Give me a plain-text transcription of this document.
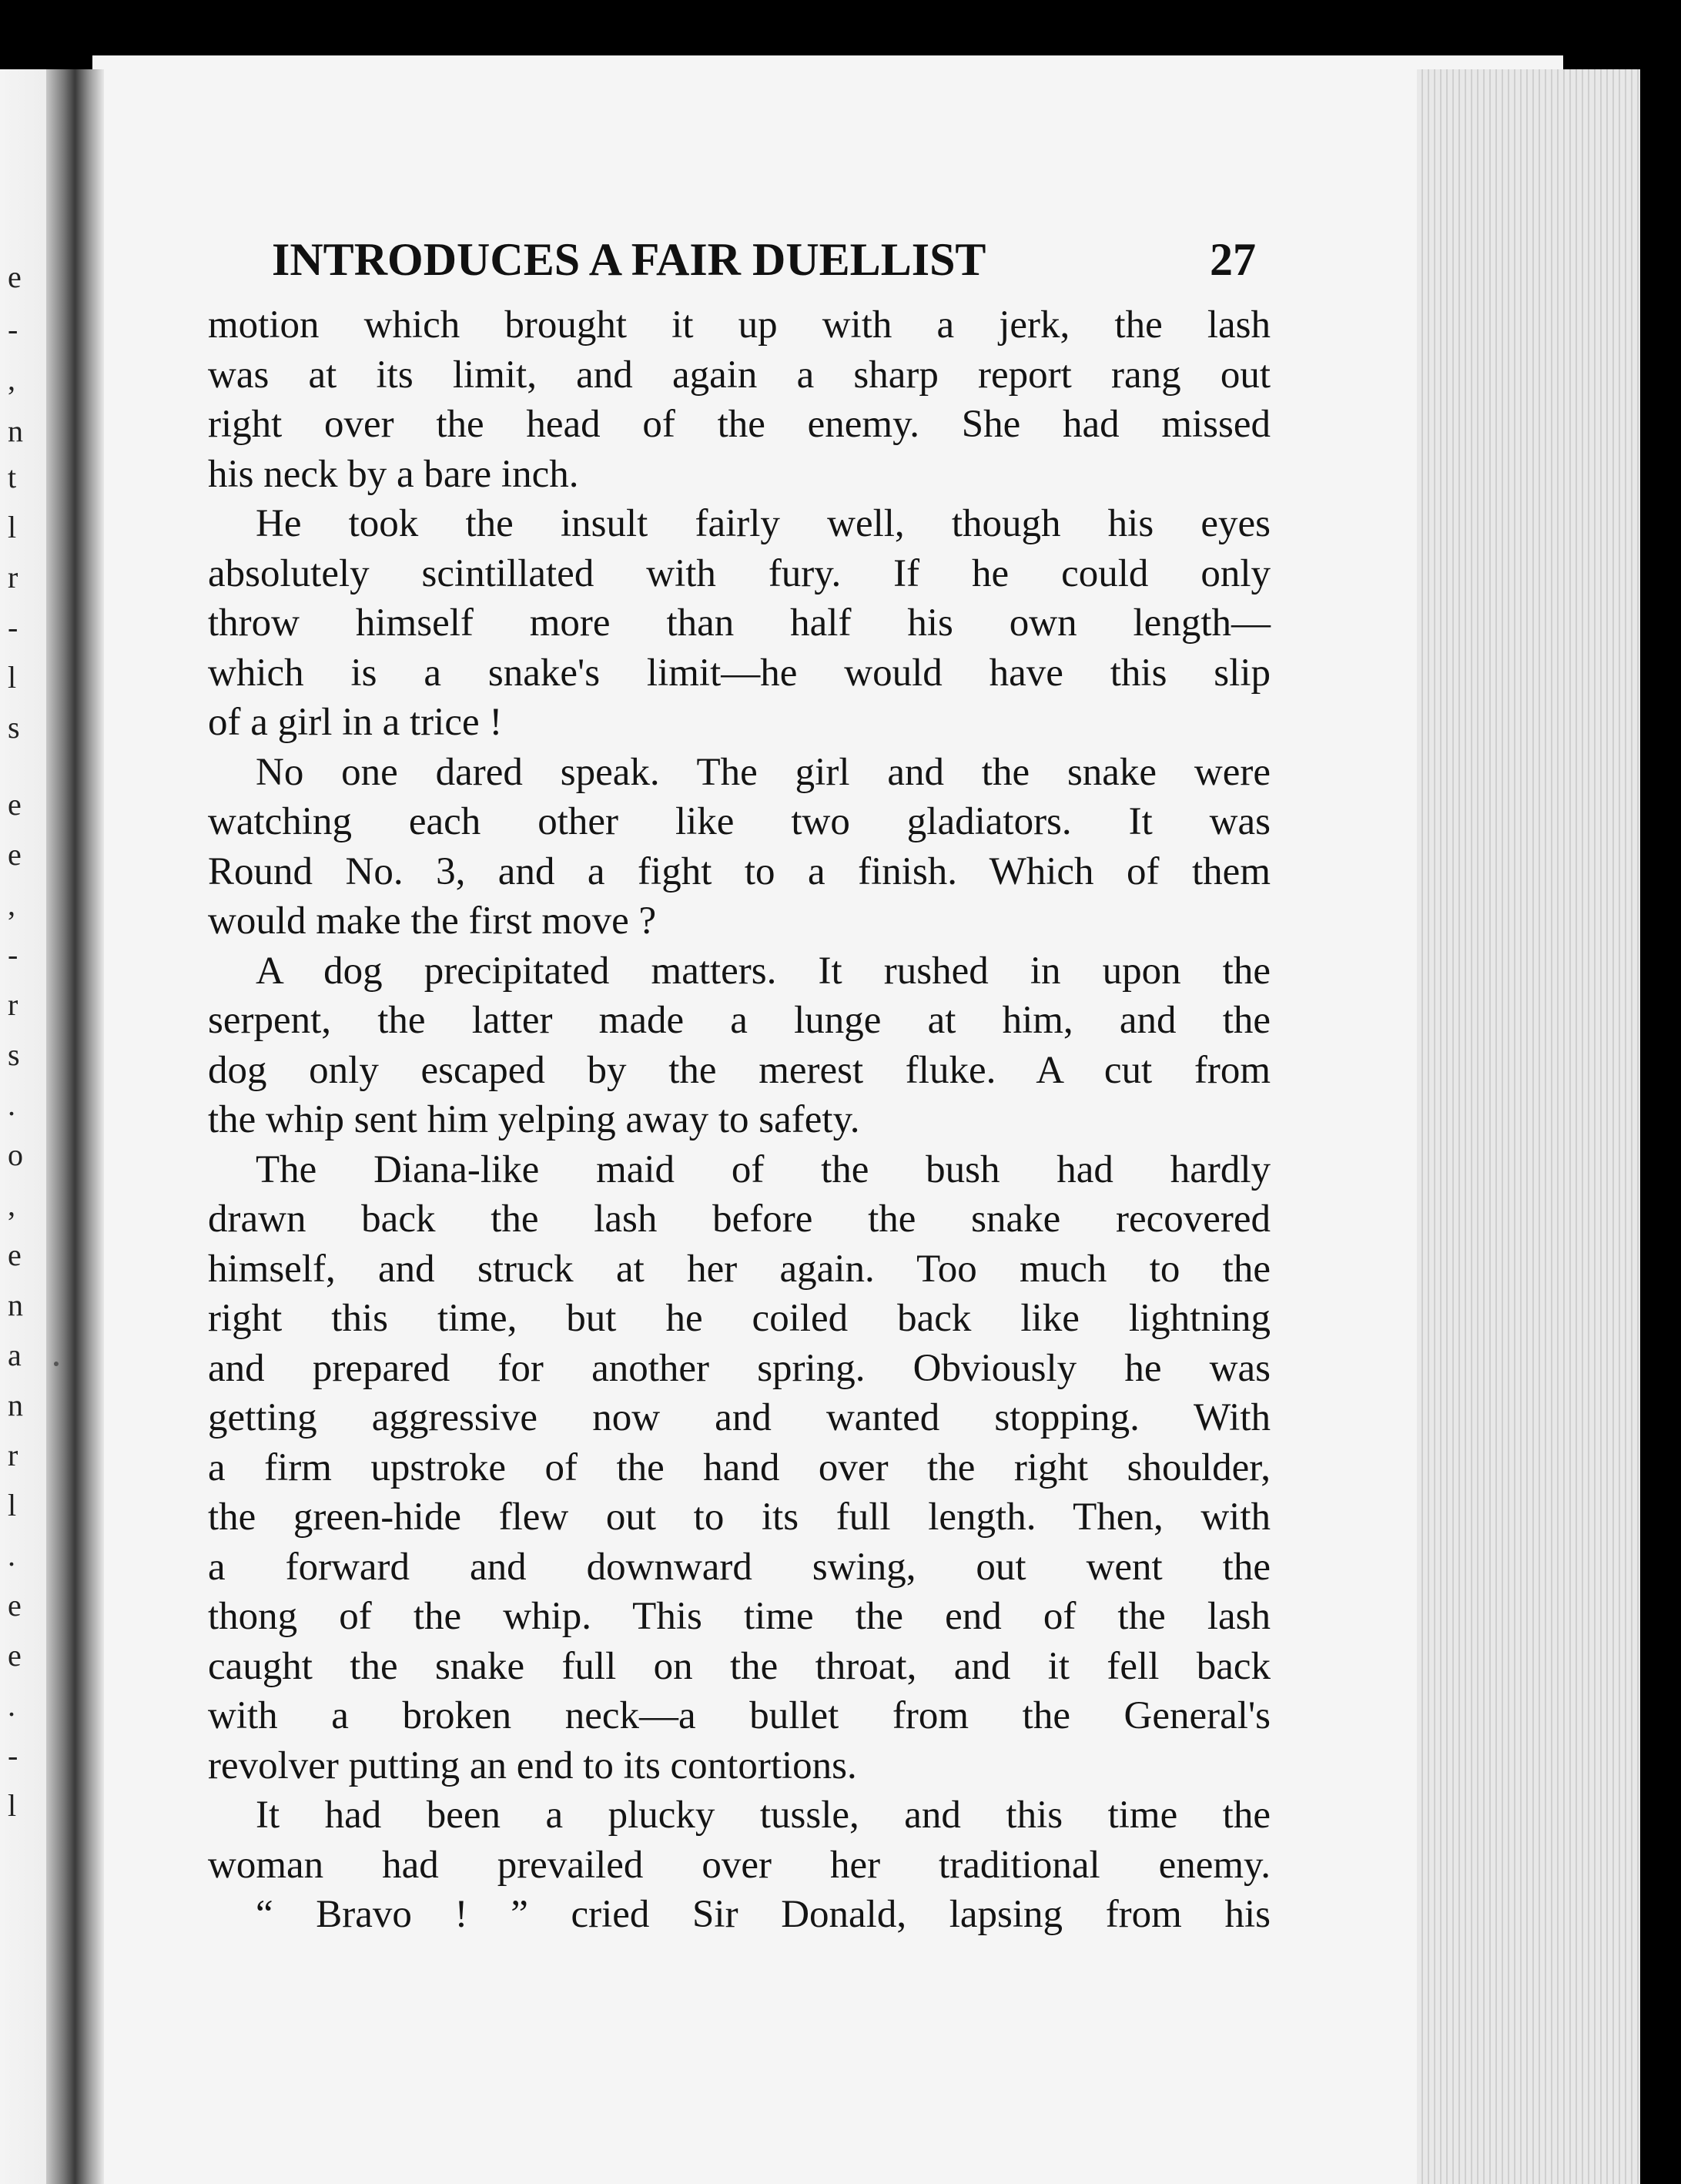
e
-
,
n
t
l
r
-
l
s
e
e
,
-
r
s
.
o
,
e
n
a
n
r
l
.
e
e
.
-
l
INTRODUCES A FAIR DUELLIST	27
motion which brought it up with a jerk, the lash
was at its limit, and again a sharp report rang out
right over the head of the enemy. She had missed
his neck by a bare inch.
He took the insult fairly well, though his eyes
absolutely scintillated with fury. If he could only
throw himself more than half his own length—
which is a snake's limit—he would have this slip
of a girl in a trice !
No one dared speak. The girl and the snake were
watching each other like two gladiators. It was
Round No. 3, and a fight to a finish. Which of them
would make the first move ?
A dog precipitated matters. It rushed in upon the
serpent, the latter made a lunge at him, and the
dog only escaped by the merest fluke. A cut from
the whip sent him yelping away to safety.
The Diana-like maid of the bush had hardly
drawn back the lash before the snake recovered
himself, and struck at her again. Too much to the
right this time, but he coiled back like lightning
and prepared for another spring. Obviously he was
getting aggressive now and wanted stopping. With
a firm upstroke of the hand over the right shoulder,
the green-hide flew out to its full length. Then, with
a forward and downward swing, out went the
thong of the whip. This time the end of the lash
caught the snake full on the throat, and it fell back
with a broken neck—a bullet from the General's
revolver putting an end to its contortions.
It had been a plucky tussle, and this time the
woman had prevailed over her traditional enemy.
“ Bravo ! ” cried Sir Donald, lapsing from his
